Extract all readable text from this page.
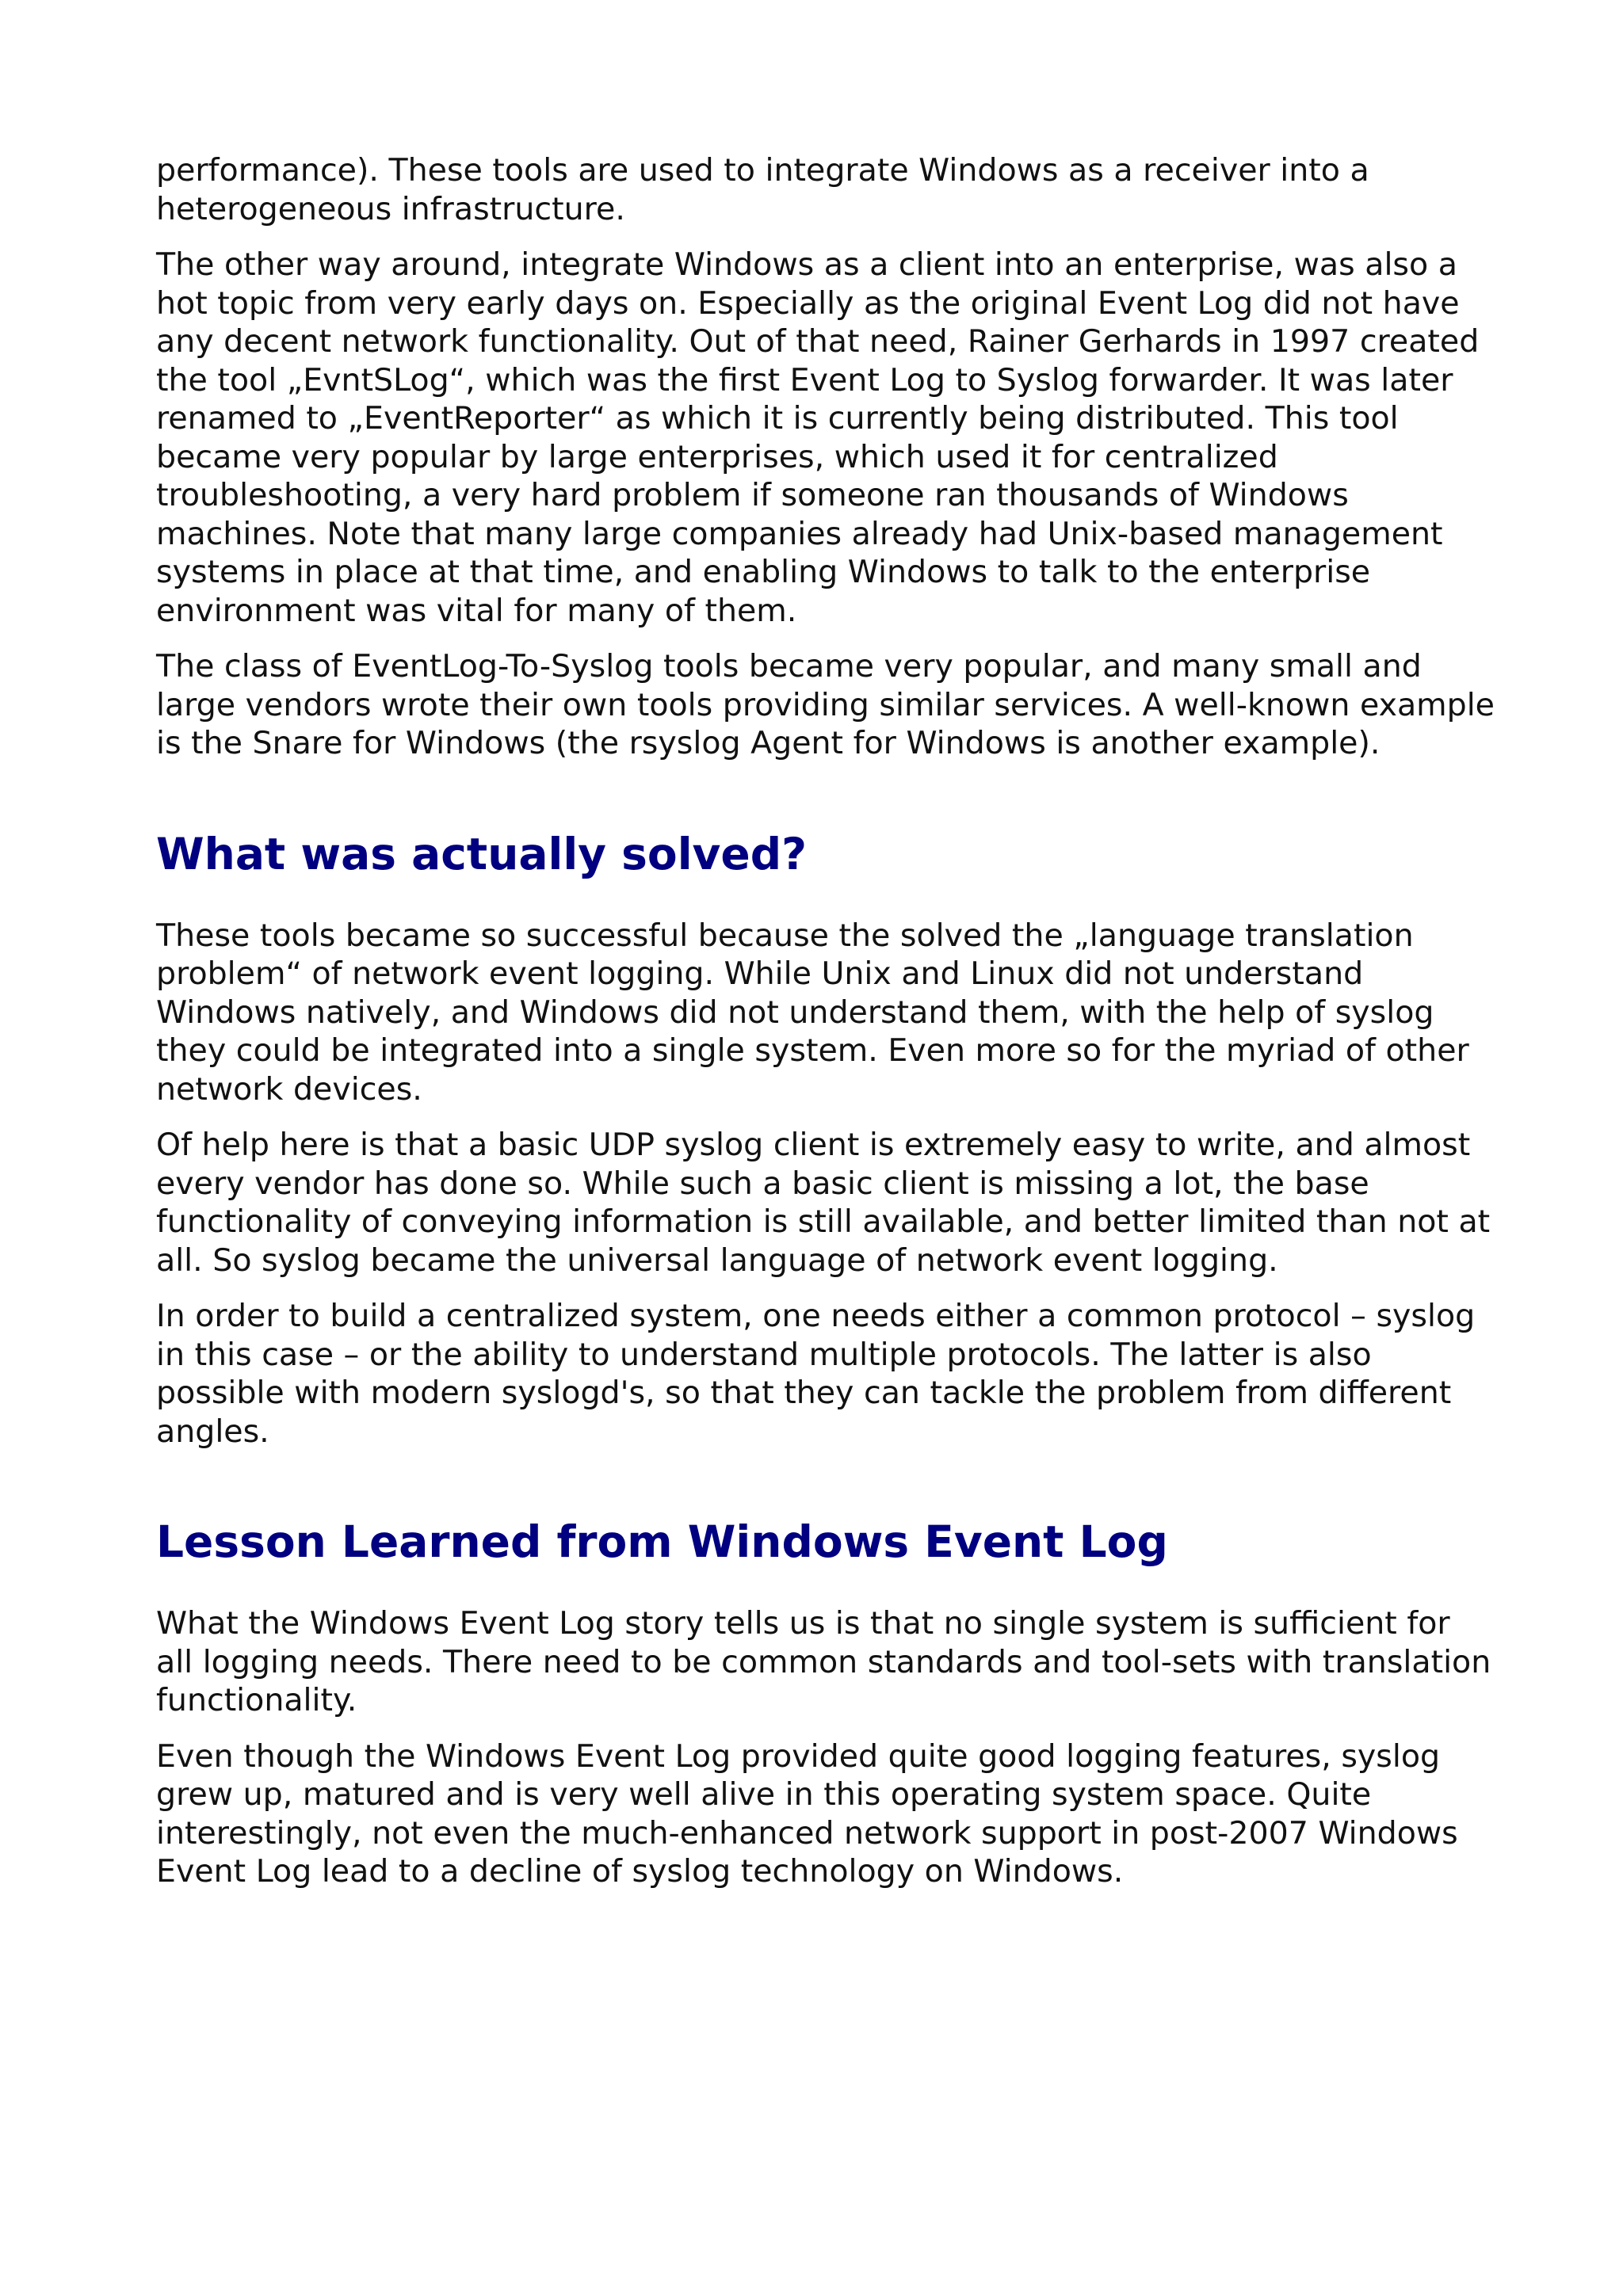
performance). These tools are used to integrate Windows as a receiver into a heterogeneous infrastructure.

The other way around, integrate Windows as a client into an enterprise, was also a hot topic from very early days on. Especially as the original Event Log did not have any decent network functionality. Out of that need, Rainer Gerhards in 1997 created the tool „EvntSLog“, which was the first Event Log to Syslog forwarder. It was later renamed to „EventReporter“ as which it is currently being distributed. This tool became very popular by large enterprises, which used it for centralized troubleshooting, a very hard problem if someone ran thousands of Windows machines. Note that many large companies already had Unix-based management systems in place at that time, and enabling Windows to talk to the enterprise environment was vital for many of them.

The class of EventLog-To-Syslog tools became very popular, and many small and large vendors wrote their own tools providing similar services. A well-known example is the Snare for Windows (the rsyslog Agent for Windows is another example).

What was actually solved?

These tools became so successful because the solved the „language translation problem“ of network event logging. While Unix and Linux did not understand Windows natively, and Windows did not understand them, with the help of syslog they could be integrated into a single system. Even more so for the myriad of other network devices.

Of help here is that a basic UDP syslog client is extremely easy to write, and almost every vendor has done so. While such a basic client is missing a lot, the base functionality of conveying information is still available, and better limited than not at all. So syslog became the universal language of network event logging.

In order to build a centralized system, one needs either a common protocol – syslog in this case – or the ability to understand multiple protocols. The latter is also possible with modern syslogd's, so that they can tackle the problem from different angles.

Lesson Learned from Windows Event Log

What the Windows Event Log story tells us is that no single system is sufficient for all logging needs. There need to be common standards and tool-sets with translation functionality.

Even though the Windows Event Log provided quite good logging features, syslog grew up, matured and is very well alive in this operating system space. Quite interestingly, not even the much-enhanced network support in post-2007 Windows Event Log lead to a decline of syslog technology on Windows.
